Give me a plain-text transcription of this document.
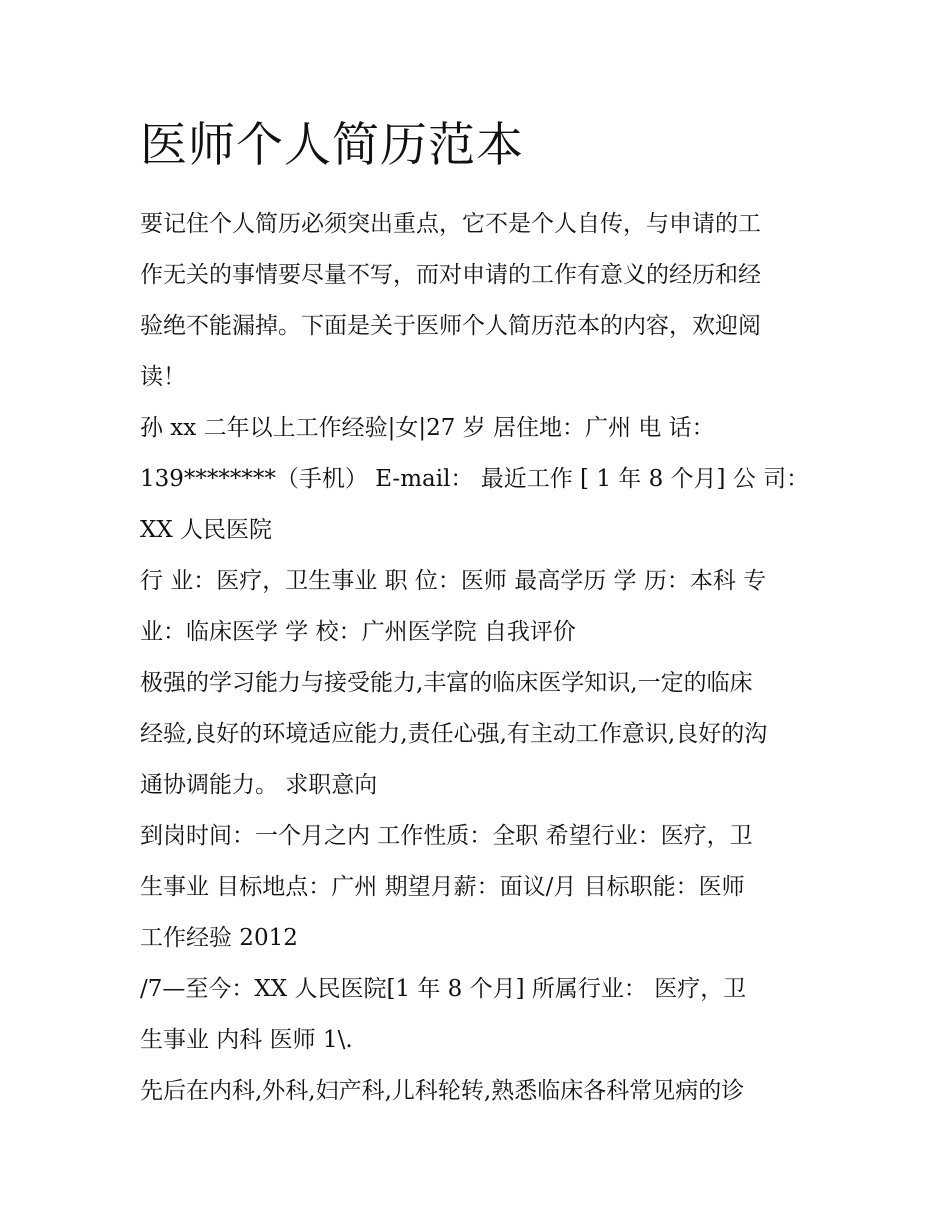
医师个人简历范本
要记住个人简历必须突出重点，它不是个人自传，与申请的工
作无关的事情要尽量不写，而对申请的工作有意义的经历和经
验绝不能漏掉。下面是关于医师个人简历范本的内容，欢迎阅
读！
孙 xx 二年以上工作经验|女|27 岁 居住地：广州 电 话：
139********（手机） E-mail： 最近工作 [ 1 年 8 个月] 公 司：
XX 人民医院
行 业：医疗，卫生事业 职 位：医师 最高学历 学 历：本科 专
业：临床医学 学 校：广州医学院 自我评价
极强的学习能力与接受能力,丰富的临床医学知识,一定的临床
经验,良好的环境适应能力,责任心强,有主动工作意识,良好的沟
通协调能力。 求职意向
到岗时间：一个月之内 工作性质：全职 希望行业：医疗，卫
生事业 目标地点：广州 期望月薪：面议/月 目标职能：医师
工作经验 2012
/7—至今：XX 人民医院[1 年 8 个月] 所属行业： 医疗，卫
生事业 内科 医师 1\.
先后在内科,外科,妇产科,儿科轮转,熟悉临床各科常见病的诊
